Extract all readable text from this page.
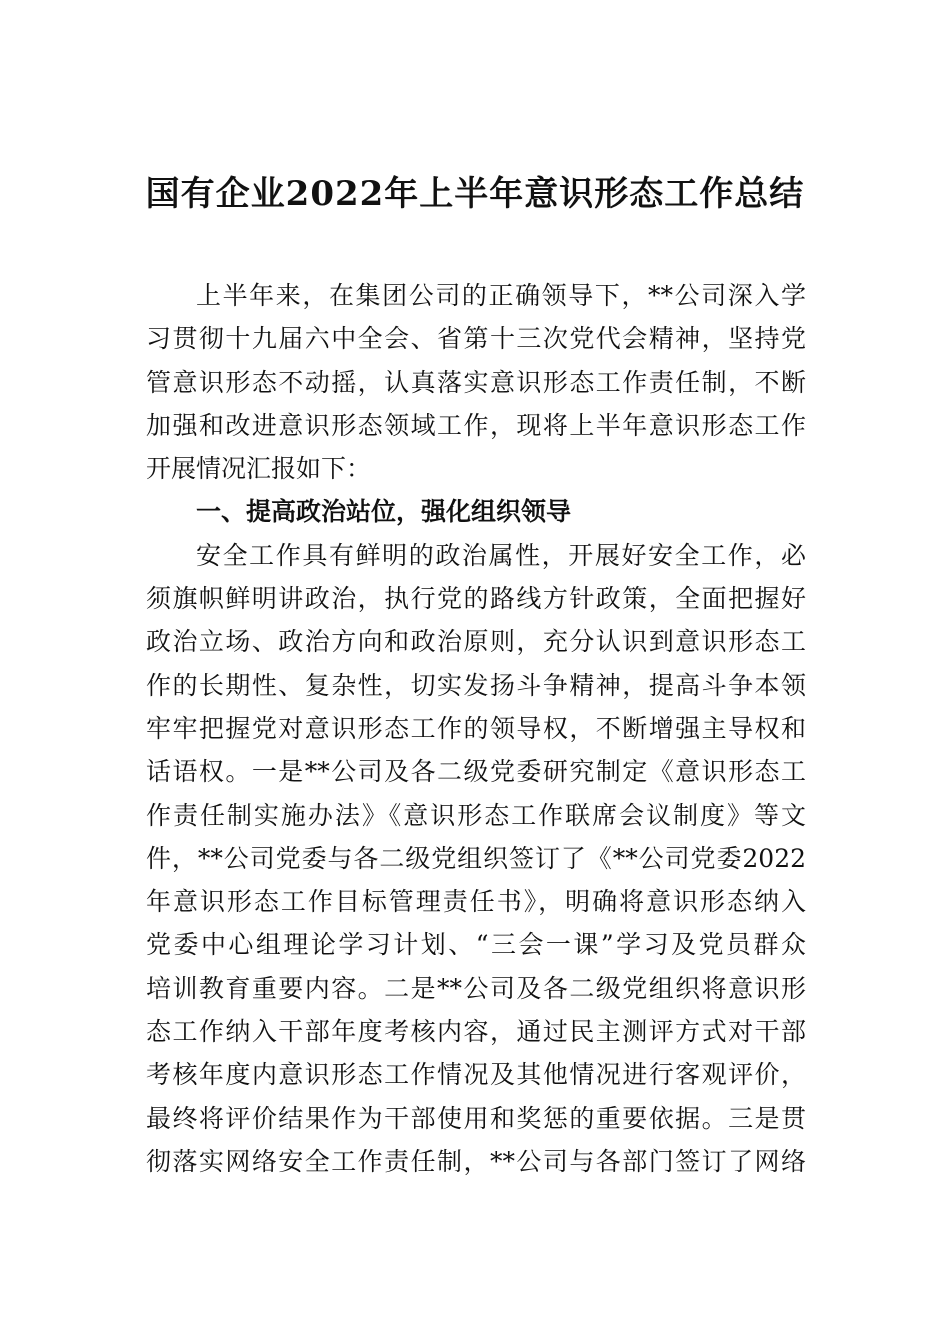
国有企业2022年上半年意识形态工作总结
上半年来，在集团公司的正确领导下，**公司深入学
习贯彻十九届六中全会、省第十三次党代会精神，坚持党
管意识形态不动摇，认真落实意识形态工作责任制，不断
加强和改进意识形态领域工作，现将上半年意识形态工作
开展情况汇报如下：
一、提高政治站位，强化组织领导
安全工作具有鲜明的政治属性，开展好安全工作，必
须旗帜鲜明讲政治，执行党的路线方针政策，全面把握好
政治立场、政治方向和政治原则，充分认识到意识形态工
作的长期性、复杂性，切实发扬斗争精神，提高斗争本领
牢牢把握党对意识形态工作的领导权，不断增强主导权和
话语权。一是**公司及各二级党委研究制定《意识形态工
作责任制实施办法》《意识形态工作联席会议制度》等文
件，**公司党委与各二级党组织签订了《**公司党委2022
年意识形态工作目标管理责任书》，明确将意识形态纳入
党委中心组理论学习计划、“三会一课”学习及党员群众
培训教育重要内容。二是**公司及各二级党组织将意识形
态工作纳入干部年度考核内容，通过民主测评方式对干部
考核年度内意识形态工作情况及其他情况进行客观评价，
最终将评价结果作为干部使用和奖惩的重要依据。三是贯
彻落实网络安全工作责任制，**公司与各部门签订了网络
